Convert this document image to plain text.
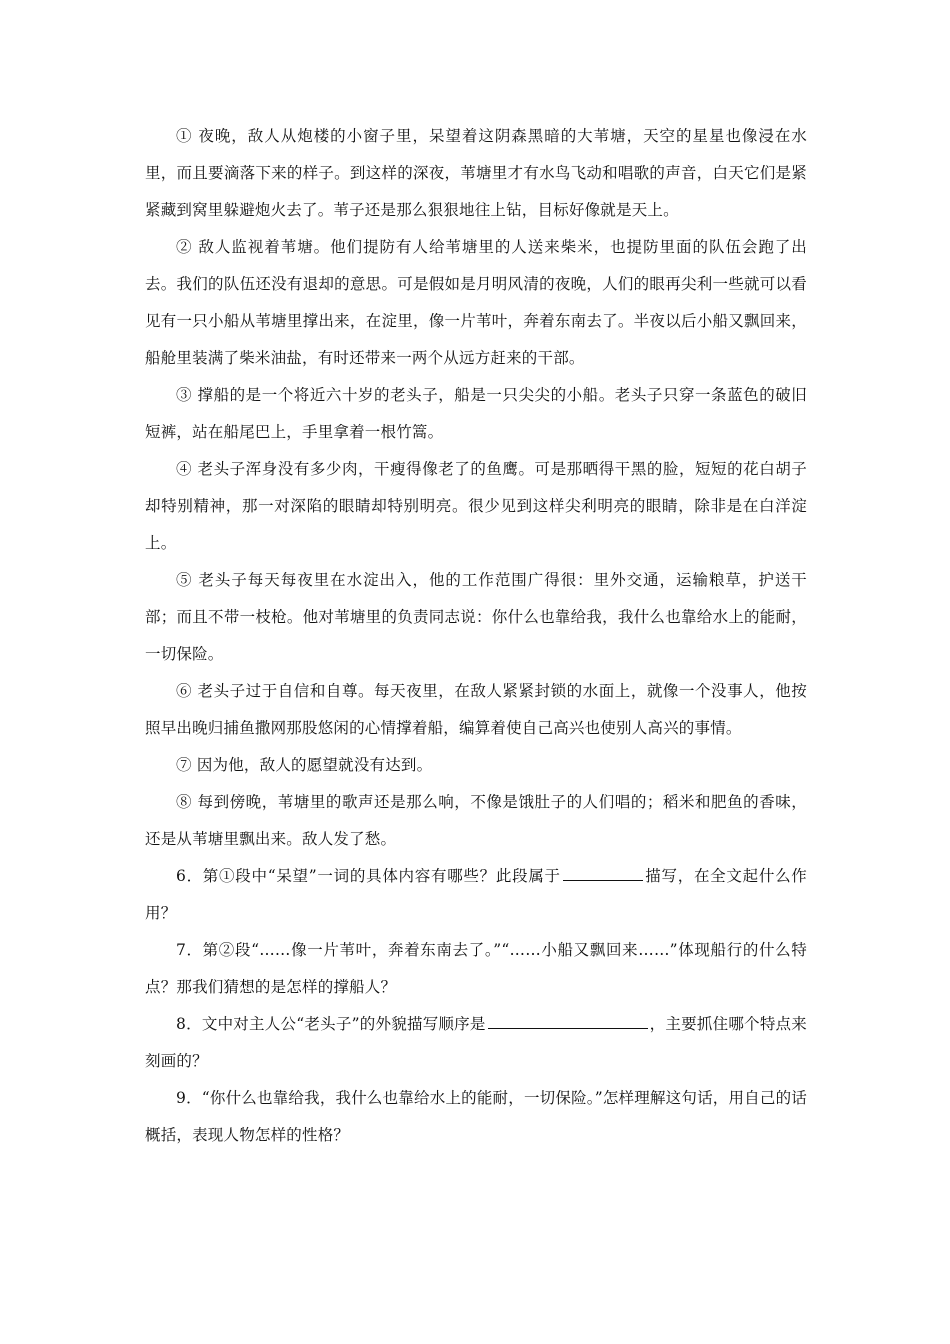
① 夜晚，敌人从炮楼的小窗子里，呆望着这阴森黑暗的大苇塘，天空的星星也像浸在水里，而且要滴落下来的样子。到这样的深夜，苇塘里才有水鸟飞动和唱歌的声音，白天它们是紧紧藏到窝里躲避炮火去了。苇子还是那么狠狠地往上钻，目标好像就是天上。

② 敌人监视着苇塘。他们提防有人给苇塘里的人送来柴米，也提防里面的队伍会跑了出去。我们的队伍还没有退却的意思。可是假如是月明风清的夜晚，人们的眼再尖利一些就可以看见有一只小船从苇塘里撑出来，在淀里，像一片苇叶，奔着东南去了。半夜以后小船又飘回来，船舱里装满了柴米油盐，有时还带来一两个从远方赶来的干部。

③ 撑船的是一个将近六十岁的老头子，船是一只尖尖的小船。老头子只穿一条蓝色的破旧短裤，站在船尾巴上，手里拿着一根竹篙。

④ 老头子浑身没有多少肉，干瘦得像老了的鱼鹰。可是那晒得干黑的脸，短短的花白胡子却特别精神，那一对深陷的眼睛却特别明亮。很少见到这样尖利明亮的眼睛，除非是在白洋淀上。

⑤ 老头子每天每夜里在水淀出入，他的工作范围广得很：里外交通，运输粮草，护送干部；而且不带一枝枪。他对苇塘里的负责同志说：你什么也靠给我，我什么也靠给水上的能耐，一切保险。

⑥ 老头子过于自信和自尊。每天夜里，在敌人紧紧封锁的水面上，就像一个没事人，他按照早出晚归捕鱼撒网那股悠闲的心情撑着船，编算着使自己高兴也使别人高兴的事情。

⑦ 因为他，敌人的愿望就没有达到。

⑧ 每到傍晚，苇塘里的歌声还是那么响，不像是饿肚子的人们唱的；稻米和肥鱼的香味，还是从苇塘里飘出来。敌人发了愁。

6．第①段中“呆望”一词的具体内容有哪些？此段属于	描写，在全文起什么作用？

7．第②段“……像一片苇叶，奔着东南去了。”“……小船又飘回来……”体现船行的什么特点？那我们猜想的是怎样的撑船人？

8．文中对主人公“老头子”的外貌描写顺序是	，主要抓住哪个特点来刻画的？

9．“你什么也靠给我，我什么也靠给水上的能耐，一切保险。”怎样理解这句话，用自己的话概括，表现人物怎样的性格？
